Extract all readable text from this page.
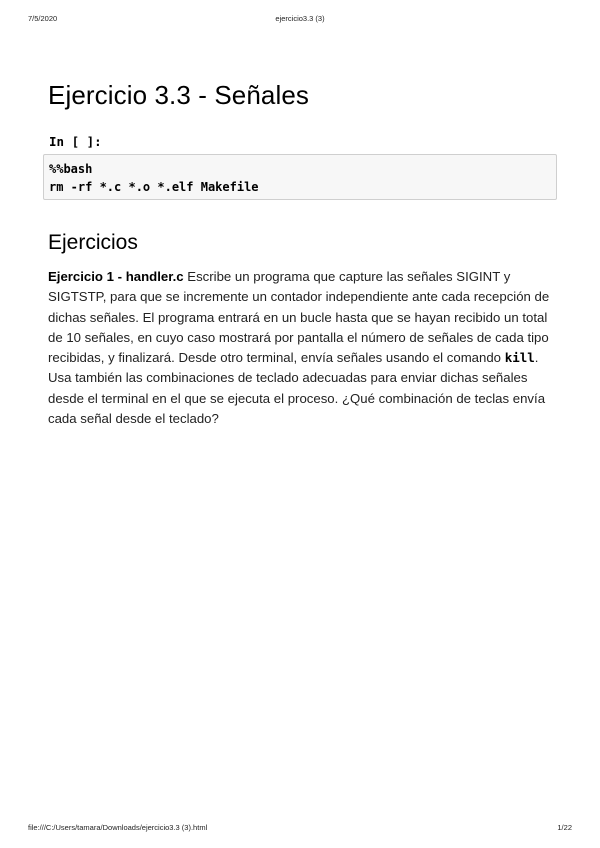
7/5/2020	ejercicio3.3 (3)
Ejercicio 3.3 - Señales
In [ ]:
%%bash
rm -rf *.c *.o *.elf Makefile
Ejercicios

Ejercicio 1 - handler.c Escribe un programa que capture las señales SIGINT y SIGTSTP, para que se incremente un contador independiente ante cada recepción de dichas señales. El programa entrará en un bucle hasta que se hayan recibido un total de 10 señales, en cuyo caso mostrará por pantalla el número de señales de cada tipo recibidas, y finalizará. Desde otro terminal, envía señales usando el comando kill. Usa también las combinaciones de teclado adecuadas para enviar dichas señales desde el terminal en el que se ejecuta el proceso. ¿Qué combinación de teclas envía cada señal desde el teclado?

file:///C:/Users/tamara/Downloads/ejercicio3.3 (3).html	1/22
